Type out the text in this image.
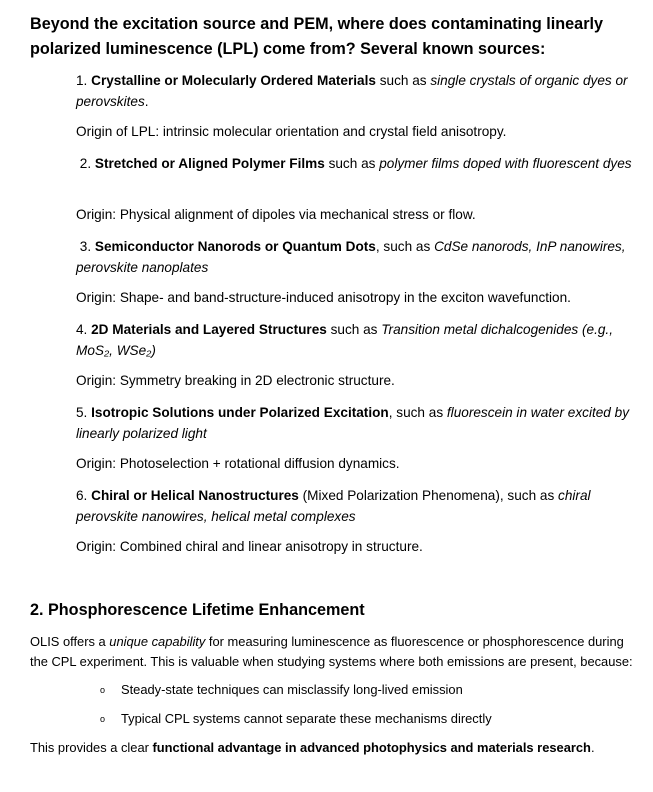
Beyond the excitation source and PEM, where does contaminating linearly polarized luminescence (LPL) come from? Several known sources:
1. Crystalline or Molecularly Ordered Materials such as single crystals of organic dyes or perovskites.
Origin of LPL: intrinsic molecular orientation and crystal field anisotropy.
2. Stretched or Aligned Polymer Films such as polymer films doped with fluorescent dyes
Origin: Physical alignment of dipoles via mechanical stress or flow.
3. Semiconductor Nanorods or Quantum Dots, such as CdSe nanorods, InP nanowires, perovskite nanoplates
Origin: Shape- and band-structure-induced anisotropy in the exciton wavefunction.
4. 2D Materials and Layered Structures such as Transition metal dichalcogenides (e.g., MoS₂, WSe₂)
Origin: Symmetry breaking in 2D electronic structure.
5. Isotropic Solutions under Polarized Excitation, such as fluorescein in water excited by linearly polarized light
Origin: Photoselection + rotational diffusion dynamics.
6. Chiral or Helical Nanostructures (Mixed Polarization Phenomena), such as chiral perovskite nanowires, helical metal complexes
Origin: Combined chiral and linear anisotropy in structure.
2. Phosphorescence Lifetime Enhancement
OLIS offers a unique capability for measuring luminescence as fluorescence or phosphorescence during the CPL experiment. This is valuable when studying systems where both emissions are present, because:
o Steady-state techniques can misclassify long-lived emission
o Typical CPL systems cannot separate these mechanisms directly
This provides a clear functional advantage in advanced photophysics and materials research.
